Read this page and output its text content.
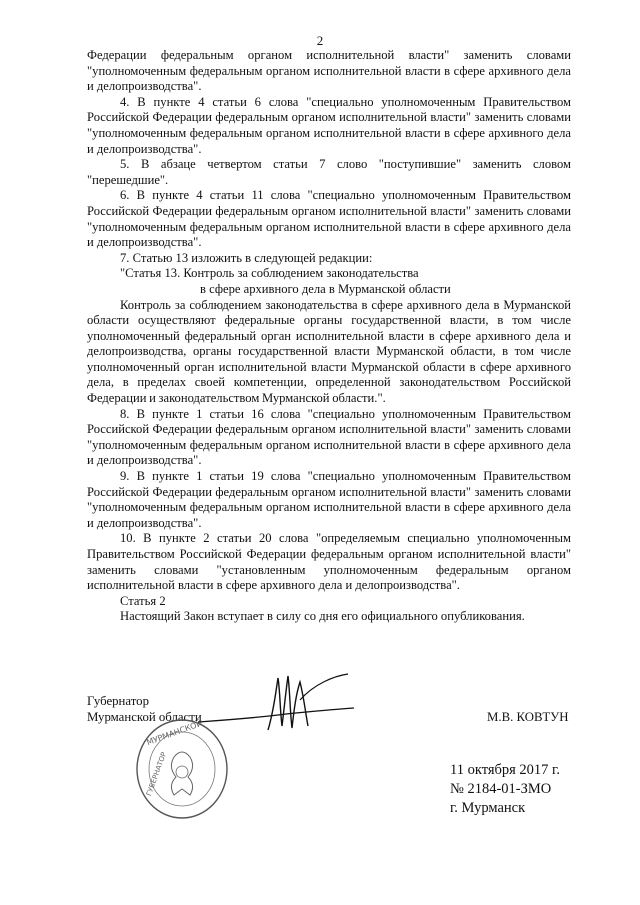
2

Федерации федеральным органом исполнительной власти" заменить словами "уполномоченным федеральным органом исполнительной власти в сфере архивного дела и делопроизводства".

4. В пункте 4 статьи 6 слова "специально уполномоченным Правительством Российской Федерации федеральным органом исполнительной власти" заменить словами "уполномоченным федеральным органом исполнительной власти в сфере архивного дела и делопроизводства".

5. В абзаце четвертом статьи 7 слово "поступившие" заменить словом "перешедшие".

6. В пункте 4 статьи 11 слова "специально уполномоченным Правительством Российской Федерации федеральным органом исполнительной власти" заменить словами "уполномоченным федеральным органом исполнительной власти в сфере архивного дела и делопроизводства".

7. Статью 13 изложить в следующей редакции:

"Статья 13. Контроль за соблюдением законодательства

в сфере архивного дела в Мурманской области

Контроль за соблюдением законодательства в сфере архивного дела в Мурманской области осуществляют федеральные органы государственной власти, в том числе уполномоченный федеральный орган исполнительной власти в сфере архивного дела и делопроизводства, органы государственной власти Мурманской области, в том числе уполномоченный орган исполнительной власти Мурманской области в сфере архивного дела, в пределах своей компетенции, определенной законодательством Российской Федерации и законодательством Мурманской области.".

8. В пункте 1 статьи 16 слова "специально уполномоченным Правительством Российской Федерации федеральным органом исполнительной власти" заменить словами "уполномоченным федеральным органом исполнительной власти в сфере архивного дела и делопроизводства".

9. В пункте 1 статьи 19 слова "специально уполномоченным Правительством Российской Федерации федеральным органом исполнительной власти" заменить словами "уполномоченным федеральным органом исполнительной власти в сфере архивного дела и делопроизводства".

10. В пункте 2 статьи 20 слова "определяемым специально уполномоченным Правительством Российской Федерации федеральным органом исполнительной власти" заменить словами "установленным уполномоченным федеральным органом исполнительной власти в сфере архивного дела и делопроизводства".

Статья 2

Настоящий Закон вступает в силу со дня его официального опубликования.

Губернатор
Мурманской области	М.В. КОВТУН
МУРМАНСКОЙ
ГУБЕРНАТОР	11 октября 2017 г.
№ 2184-01-ЗМО
г. Мурманск
